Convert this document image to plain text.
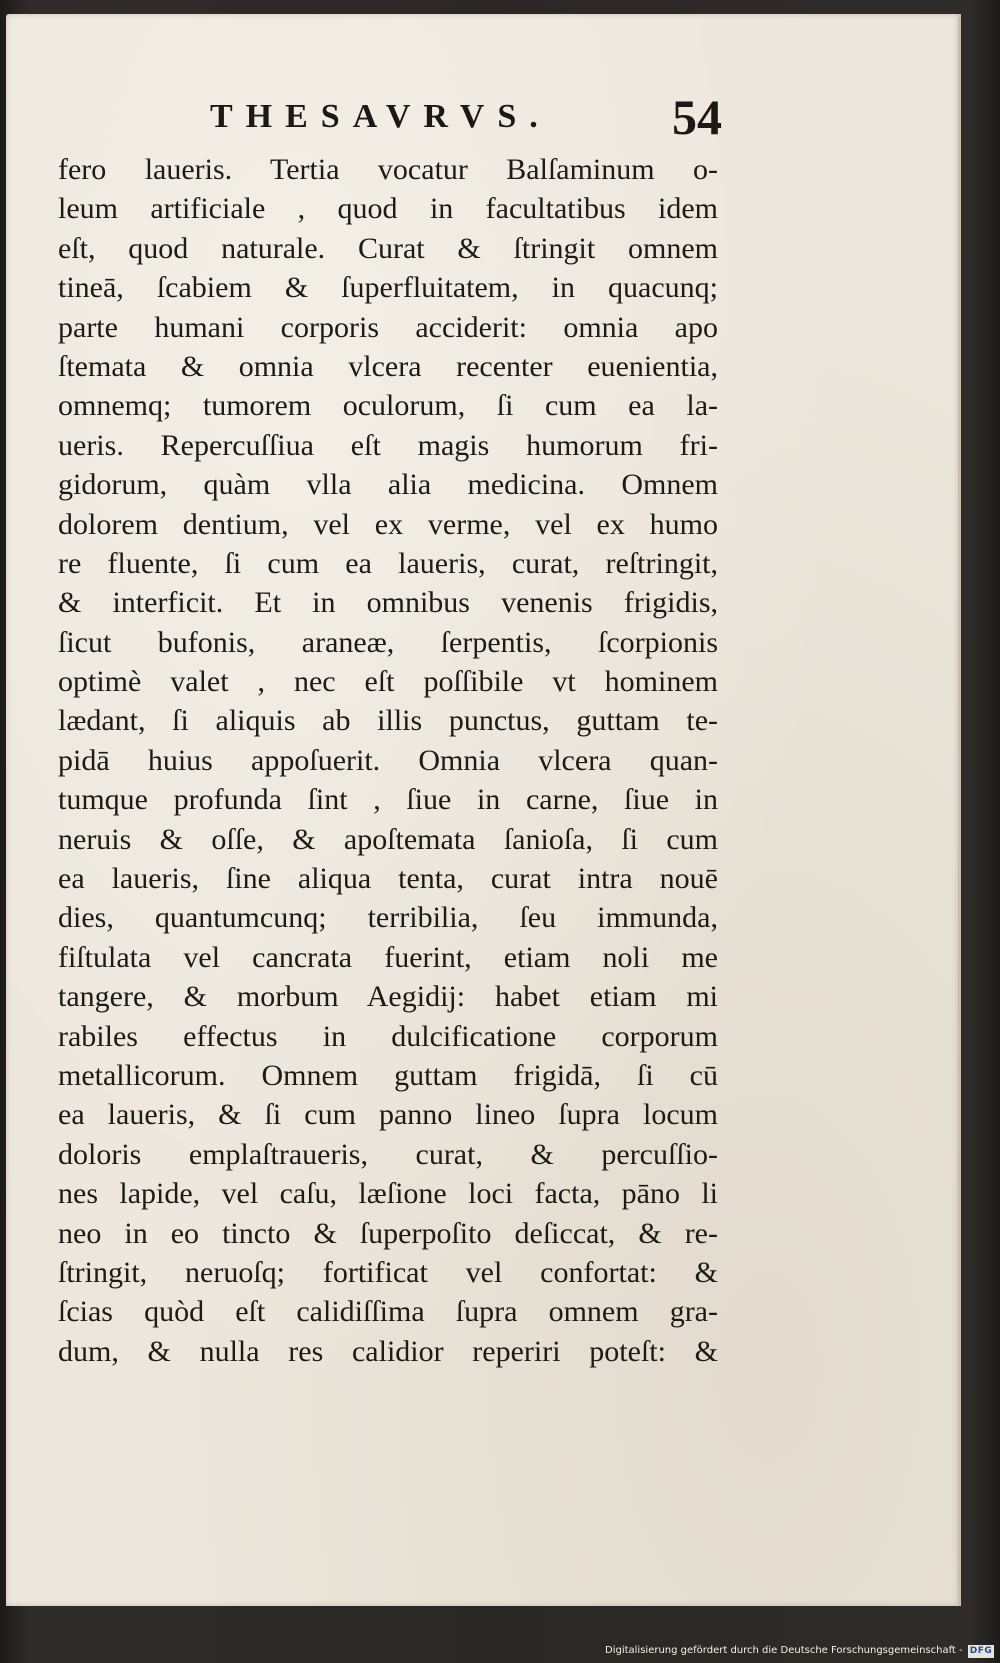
THESAVRVS. 54
fero laueris. Tertia vocatur Balſaminum o-
leum artificiale , quod in facultatibus idem
eſt, quod naturale. Curat & ſtringit omnem
tineā, ſcabiem & ſuperfluitatem, in quacunq;
parte humani corporis acciderit: omnia apo
ſtemata & omnia vlcera recenter euenientia,
omnemq; tumorem oculorum, ſi cum ea la-
ueris. Repercuſſiua eſt magis humorum fri-
gidorum, quàm vlla alia medicina. Omnem
dolorem dentium, vel ex verme, vel ex humo
re fluente, ſi cum ea laueris, curat, reſtringit,
& interficit. Et in omnibus venenis frigidis,
ſicut bufonis, araneæ, ſerpentis, ſcorpionis
optimè valet , nec eſt poſſibile vt hominem
lædant, ſi aliquis ab illis punctus, guttam te-
pidā huius appoſuerit. Omnia vlcera quan-
tumque profunda ſint , ſiue in carne, ſiue in
neruis & oſſe, & apoſtemata ſanioſa, ſi cum
ea laueris, ſine aliqua tenta, curat intra nouē
dies, quantumcunq; terribilia, ſeu immunda,
fiſtulata vel cancrata fuerint, etiam noli me
tangere, & morbum Aegidij: habet etiam mi
rabiles effectus in dulcificatione corporum
metallicorum. Omnem guttam frigidā, ſi cū
ea laueris, & ſi cum panno lineo ſupra locum
doloris emplaſtraueris, curat, & percuſſio-
nes lapide, vel caſu, læſione loci facta, pāno li
neo in eo tincto & ſuperpoſito deſiccat, & re-
ſtringit, neruoſq; fortificat vel confortat: &
ſcias quòd eſt calidiſſima ſupra omnem gra-
dum, & nulla res calidior reperiri poteſt: &
Digitalisierung gefördert durch die Deutsche Forschungsgemeinschaft - DFG
